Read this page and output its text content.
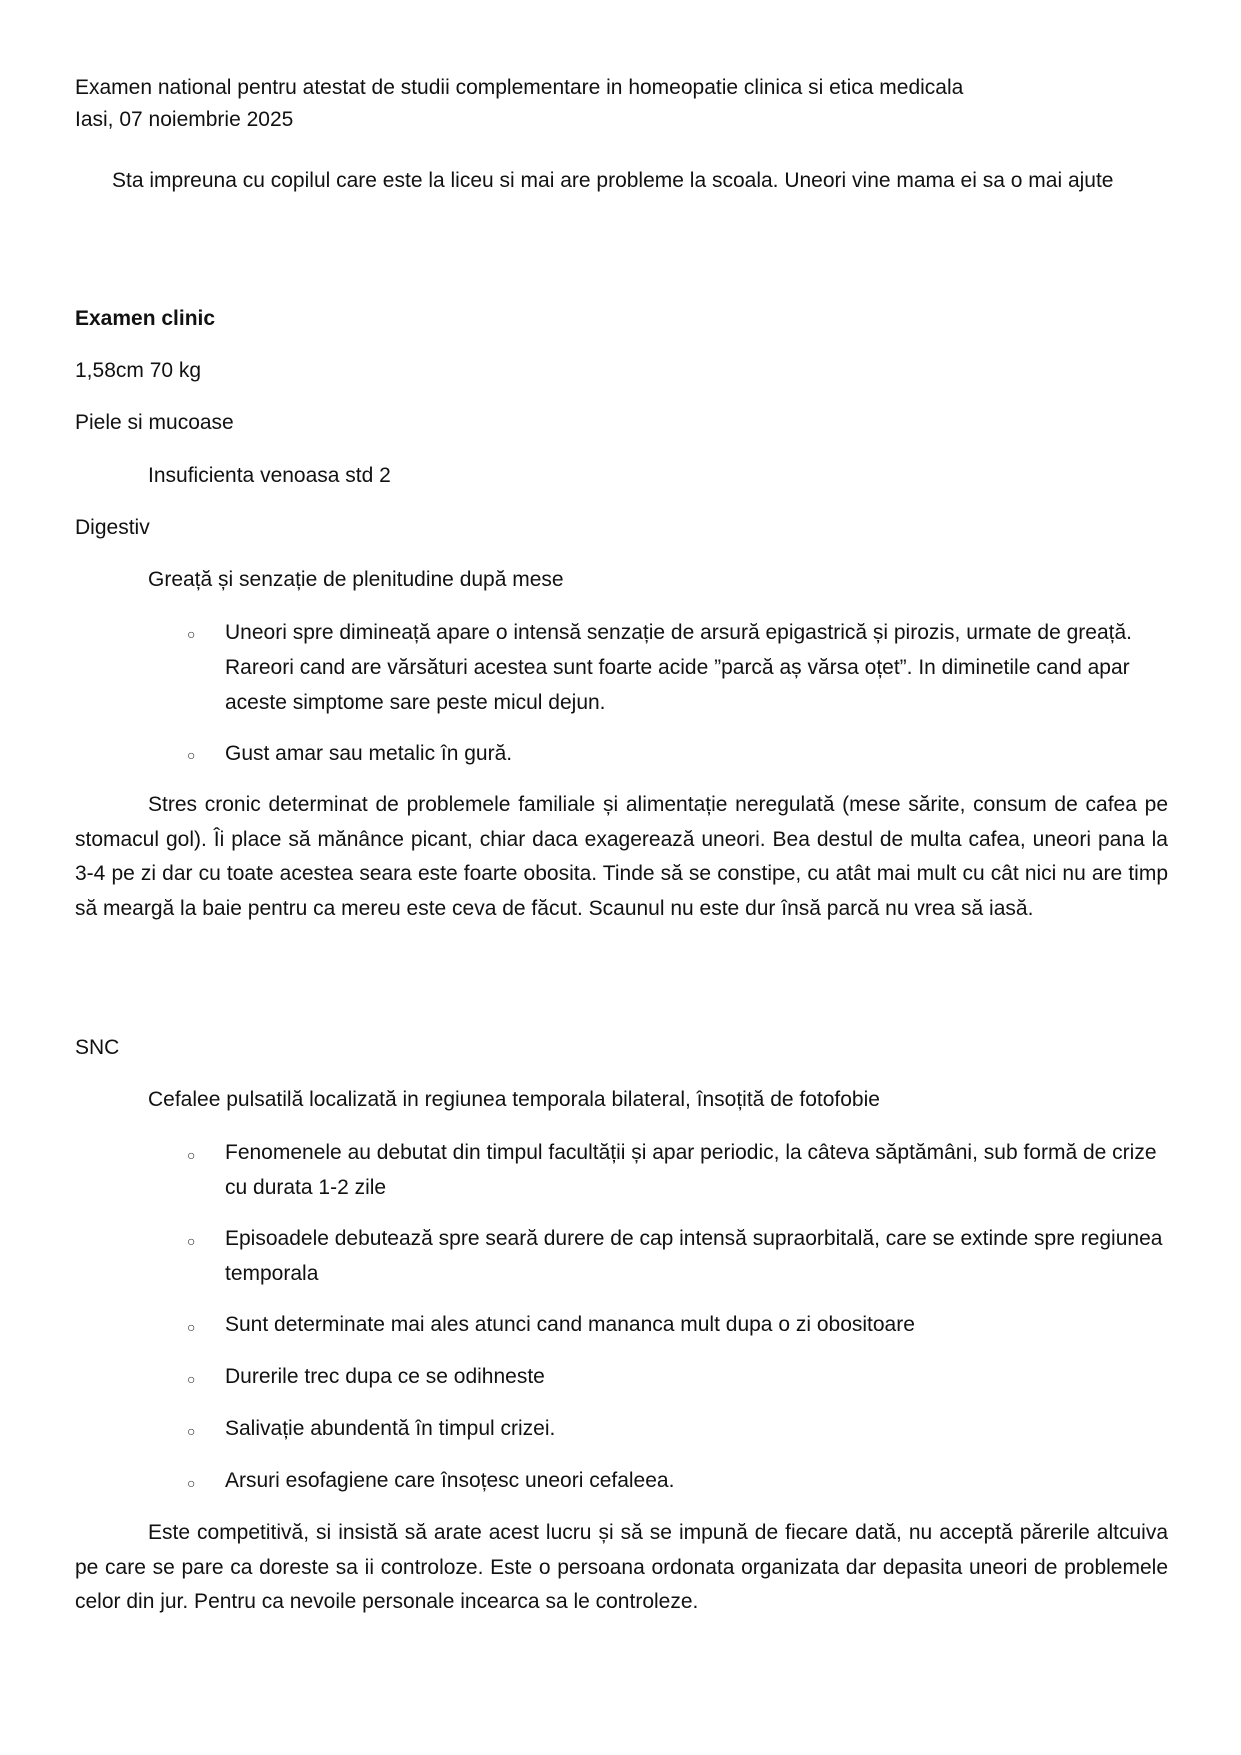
Examen national pentru atestat de studii complementare in homeopatie clinica si etica medicala
Iasi, 07 noiembrie 2025
Sta impreuna cu copilul care este la liceu si mai are probleme la scoala. Uneori vine mama ei sa o mai ajute
Examen clinic
1,58cm 70 kg
Piele si mucoase
Insuficienta venoasa std 2
Digestiv
Greață și senzație de plenitudine după mese
○ Uneori spre dimineață apare o intensă senzație de arsură epigastrică și pirozis, urmate de greață. Rareori cand are vărsături acestea sunt foarte acide ”parcă aș vărsa oțet”. In diminetile cand apar aceste simptome sare peste micul dejun.
○ Gust amar sau metalic în gură.
Stres cronic determinat de problemele familiale și alimentație neregulată (mese sărite, consum de cafea pe stomacul gol). Îi place să mănânce picant, chiar daca exagerează uneori. Bea destul de multa cafea, uneori pana la 3-4 pe zi dar cu toate acestea seara este foarte obosita. Tinde să se constipe, cu atât mai mult cu cât nici nu are timp să meargă la baie pentru ca mereu este ceva de făcut. Scaunul nu este dur însă parcă nu vrea să iasă.
SNC
Cefalee pulsatilă localizată in regiunea temporala bilateral, însoțită de fotofobie
○ Fenomenele au debutat din timpul facultății și apar periodic, la câteva săptămâni, sub formă de crize cu durata 1-2 zile
○ Episoadele debutează spre seară durere de cap intensă supraorbitală, care se extinde spre regiunea temporala
○ Sunt determinate mai ales atunci cand mananca mult dupa o zi obositoare
○ Durerile trec dupa ce se odihneste
○ Salivație abundentă în timpul crizei.
○ Arsuri esofagiene care însoțesc uneori cefaleea.
Este competitivă, si insistă să arate acest lucru și să se impună de fiecare dată, nu acceptă părerile altcuiva pe care se pare ca doreste sa ii controloze. Este o persoana ordonata organizata dar depasita uneori de problemele celor din jur. Pentru ca nevoile personale incearca sa le controleze.
